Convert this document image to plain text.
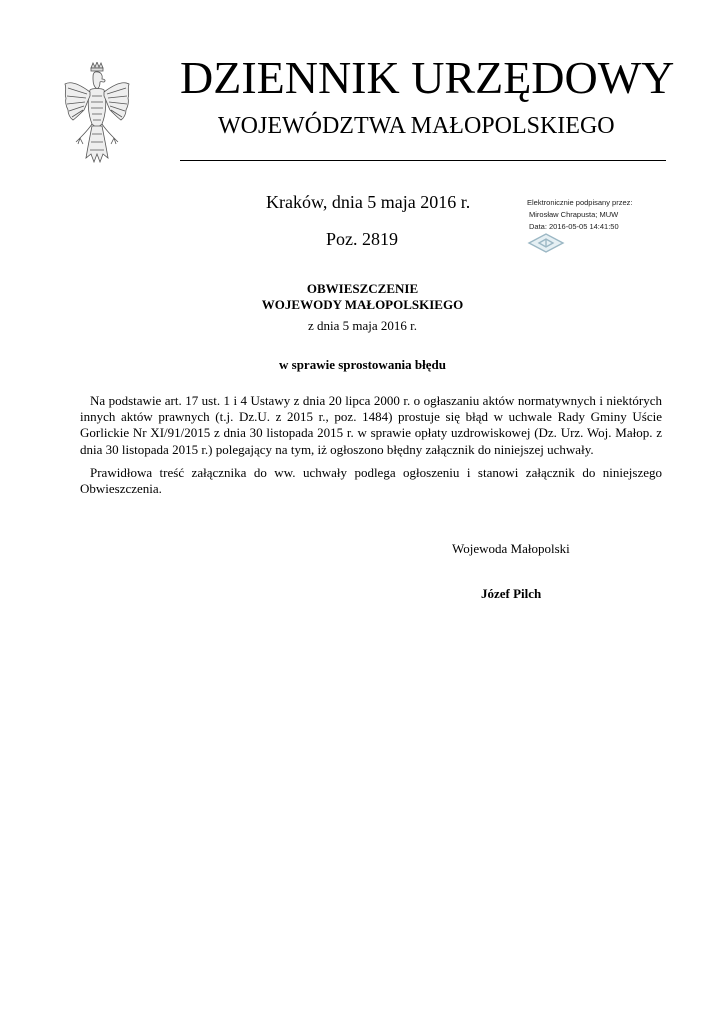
DZIENNIK URZĘDOWY
WOJEWÓDZTWA MAŁOPOLSKIEGO
Kraków, dnia 5 maja 2016 r.
Poz. 2819
Elektronicznie podpisany przez:
Mirosław Chrapusta; MUW
Data: 2016-05-05 14:41:50
OBWIESZCZENIE
WOJEWODY MAŁOPOLSKIEGO
z dnia 5 maja 2016 r.
w sprawie sprostowania błędu
Na podstawie art. 17 ust. 1 i 4 Ustawy z dnia 20 lipca 2000 r. o ogłaszaniu aktów normatywnych i niektórych innych aktów prawnych (t.j. Dz.U. z 2015 r., poz. 1484) prostuje się błąd w uchwale Rady Gminy Uście Gorlickie Nr XI/91/2015 z dnia 30 listopada 2015 r. w sprawie opłaty uzdrowiskowej (Dz. Urz. Woj. Małop. z dnia 30 listopada 2015 r.) polegający na tym, iż ogłoszono błędny załącznik do niniejszej uchwały.
Prawidłowa treść załącznika do ww. uchwały podlega ogłoszeniu i stanowi załącznik do niniejszego Obwieszczenia.
Wojewoda Małopolski
Józef Pilch
